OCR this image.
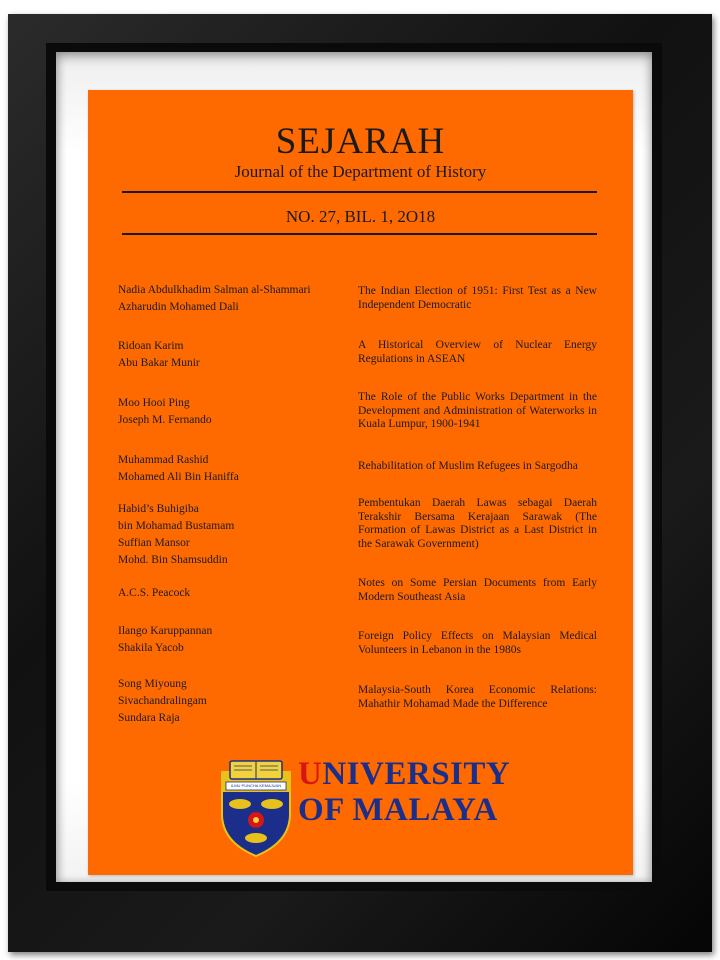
SEJARAH
Journal of the Department of History
NO. 27, BIL. 1, 2O18
Nadia Abdulkhadim Salman al-Shammari
Azharudin Mohamed Dali
The Indian Election of 1951: First Test as a New Independent Democratic
Ridoan Karim
Abu Bakar Munir
A Historical Overview of Nuclear Energy Regulations in ASEAN
Moo Hooi Ping
Joseph M. Fernando
The Role of the Public Works Department in the Development and Administration of Waterworks in Kuala Lumpur, 1900-1941
Muhammad Rashid
Mohamed Ali Bin Haniffa
Rehabilitation of Muslim Refugees in Sargodha
Habid’s Buhigiba
bin Mohamad Bustamam
Suffian Mansor
Mohd. Bin Shamsuddin
Pembentukan Daerah Lawas sebagai Daerah Terakshir Bersama Kerajaan Sarawak (The Formation of Lawas District as a Last District in the Sarawak Government)
A.C.S. Peacock
Notes on Some Persian Documents from Early Modern Southeast Asia
Ilango Karuppannan
Shakila Yacob
Foreign Policy Effects on Malaysian Medical Volunteers in Lebanon in the 1980s
Song Miyoung
Sivachandralingam
Sundara Raja
Malaysia-South Korea Economic Relations: Mahathir Mohamad Made the Difference
ILMU PUNCHA KEMAJUAN UNIVERSITY
OF MALAYA
